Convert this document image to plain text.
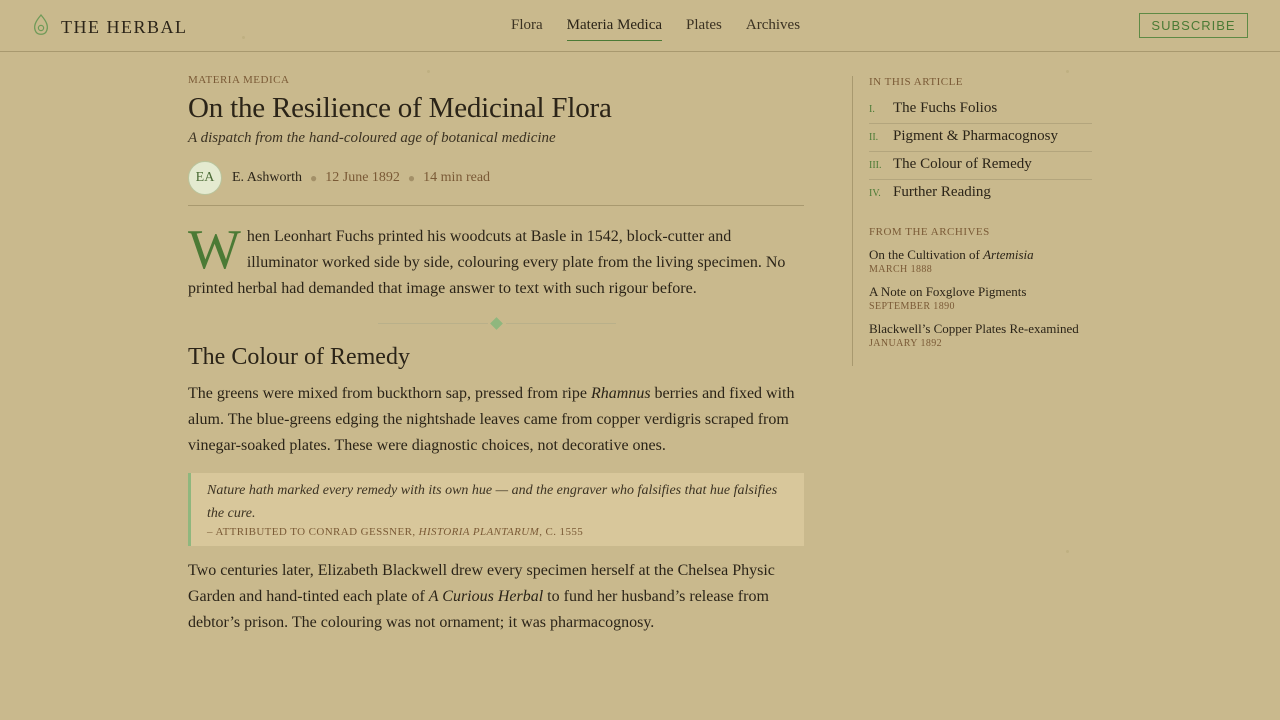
THE HERBAL	Flora Materia Medica Plates Archives	SUBSCRIBE
MATERIA MEDICA
On the Resilience of Medicinal Flora
A dispatch from the hand-coloured age of botanical medicine
EA	E. Ashworth ● 12 June 1892 ● 14 min read

When Leonhart Fuchs printed his woodcuts at Basle in 1542, block-cutter and illuminator worked side by side, colouring every plate from the living specimen. No printed herbal had demanded that image answer to text with such rigour before.

The Colour of Remedy

The greens were mixed from buckthorn sap, pressed from ripe Rhamnus berries and fixed with alum. The blue-greens edging the nightshade leaves came from copper verdigris scraped from vinegar-soaked plates. These were diagnostic choices, not decorative ones.

Nature hath marked every remedy with its own hue — and the engraver who falsifies that hue falsifies the cure.
– ATTRIBUTED TO CONRAD GESSNER, HISTORIA PLANTARUM, C. 1555

Two centuries later, Elizabeth Blackwell drew every specimen herself at the Chelsea Physic Garden and hand-tinted each plate of A Curious Herbal to fund her husband’s release from debtor’s prison. The colouring was not ornament; it was pharmacognosy.

IN THIS ARTICLE
I.	The Fuchs Folios
II. Pigment & Pharmacognosy
III. The Colour of Remedy
IV. Further Reading
FROM THE ARCHIVES
On the Cultivation of Artemisia
MARCH 1888
A Note on Foxglove Pigments
SEPTEMBER 1890
Blackwell’s Copper Plates Re-examined
JANUARY 1892
